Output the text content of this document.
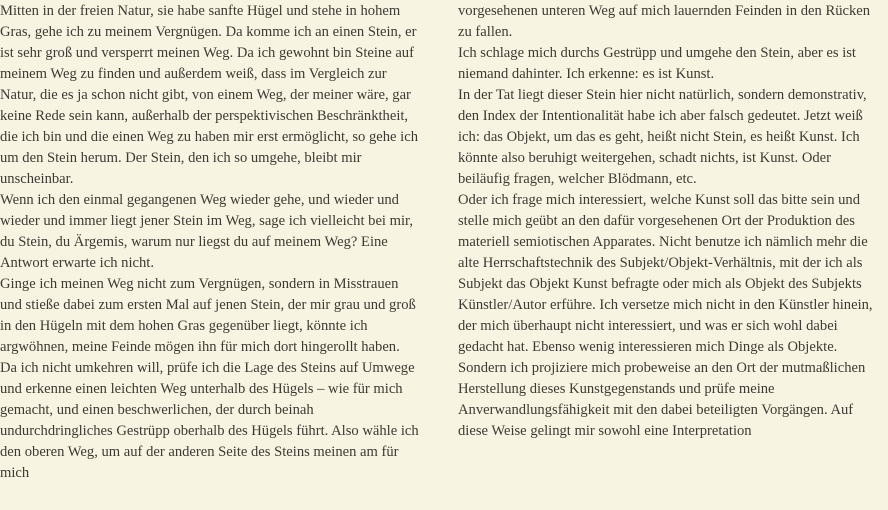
Mitten in der freien Natur, sie habe sanfte Hügel und stehe in hohem Gras, gehe ich zu meinem Vergnügen. Da komme ich an einen Stein, er ist sehr groß und versperrt meinen Weg. Da ich gewohnt bin Steine auf meinem Weg zu finden und außerdem weiß, dass im Vergleich zur Natur, die es ja schon nicht gibt, von einem Weg, der meiner wäre, gar keine Rede sein kann, außerhalb der perspektivischen Beschränktheit, die ich bin und die einen Weg zu haben mir erst ermöglicht, so gehe ich um den Stein herum. Der Stein, den ich so umgehe, bleibt mir unscheinbar.

Wenn ich den einmal gegangenen Weg wieder gehe, und wieder und wieder und immer liegt jener Stein im Weg, sage ich vielleicht bei mir, du Stein, du Ärgemis, warum nur liegst du auf meinem Weg? Eine Antwort erwarte ich nicht.

Ginge ich meinen Weg nicht zum Vergnügen, sondern in Misstrauen und stieße dabei zum ersten Mal auf jenen Stein, der mir grau und groß in den Hügeln mit dem hohen Gras gegenüber liegt, könnte ich argwöhnen, meine Feinde mögen ihn für mich dort hingerollt haben. Da ich nicht umkehren will, prüfe ich die Lage des Steins auf Umwege und erkenne einen leichten Weg unterhalb des Hügels – wie für mich gemacht, und einen beschwerlichen, der durch beinah undurchdringliches Gestrüpp oberhalb des Hügels führt. Also wähle ich den oberen Weg, um auf der anderen Seite des Steins meinen am für mich

vorgesehenen unteren Weg auf mich lauernden Feinden in den Rücken zu fallen.

Ich schlage mich durchs Gestrüpp und umgehe den Stein, aber es ist niemand dahinter. Ich erkenne: es ist Kunst.

In der Tat liegt dieser Stein hier nicht natürlich, sondern demonstrativ, den Index der Intentionalität habe ich aber falsch gedeutet. Jetzt weiß ich: das Objekt, um das es geht, heißt nicht Stein, es heißt Kunst. Ich könnte also beruhigt weitergehen, schadt nichts, ist Kunst. Oder beiläufig fragen, welcher Blödmann, etc.

Oder ich frage mich interessiert, welche Kunst soll das bitte sein und stelle mich geübt an den dafür vorgesehenen Ort der Produktion des materiell semiotischen Apparates. Nicht benutze ich nämlich mehr die alte Herrschaftstechnik des Subjekt/Objekt-Verhältnis, mit der ich als Subjekt das Objekt Kunst befragte oder mich als Objekt des Subjekts Künstler/Autor erführe. Ich versetze mich nicht in den Künstler hinein, der mich überhaupt nicht interessiert, und was er sich wohl dabei gedacht hat. Ebenso wenig interessieren mich Dinge als Objekte.

Sondern ich projiziere mich probeweise an den Ort der mutmaßlichen Herstellung dieses Kunstgegenstands und prüfe meine Anverwandlungsfähigkeit mit den dabei beteiligten Vorgängen. Auf diese Weise gelingt mir sowohl eine Interpretation
